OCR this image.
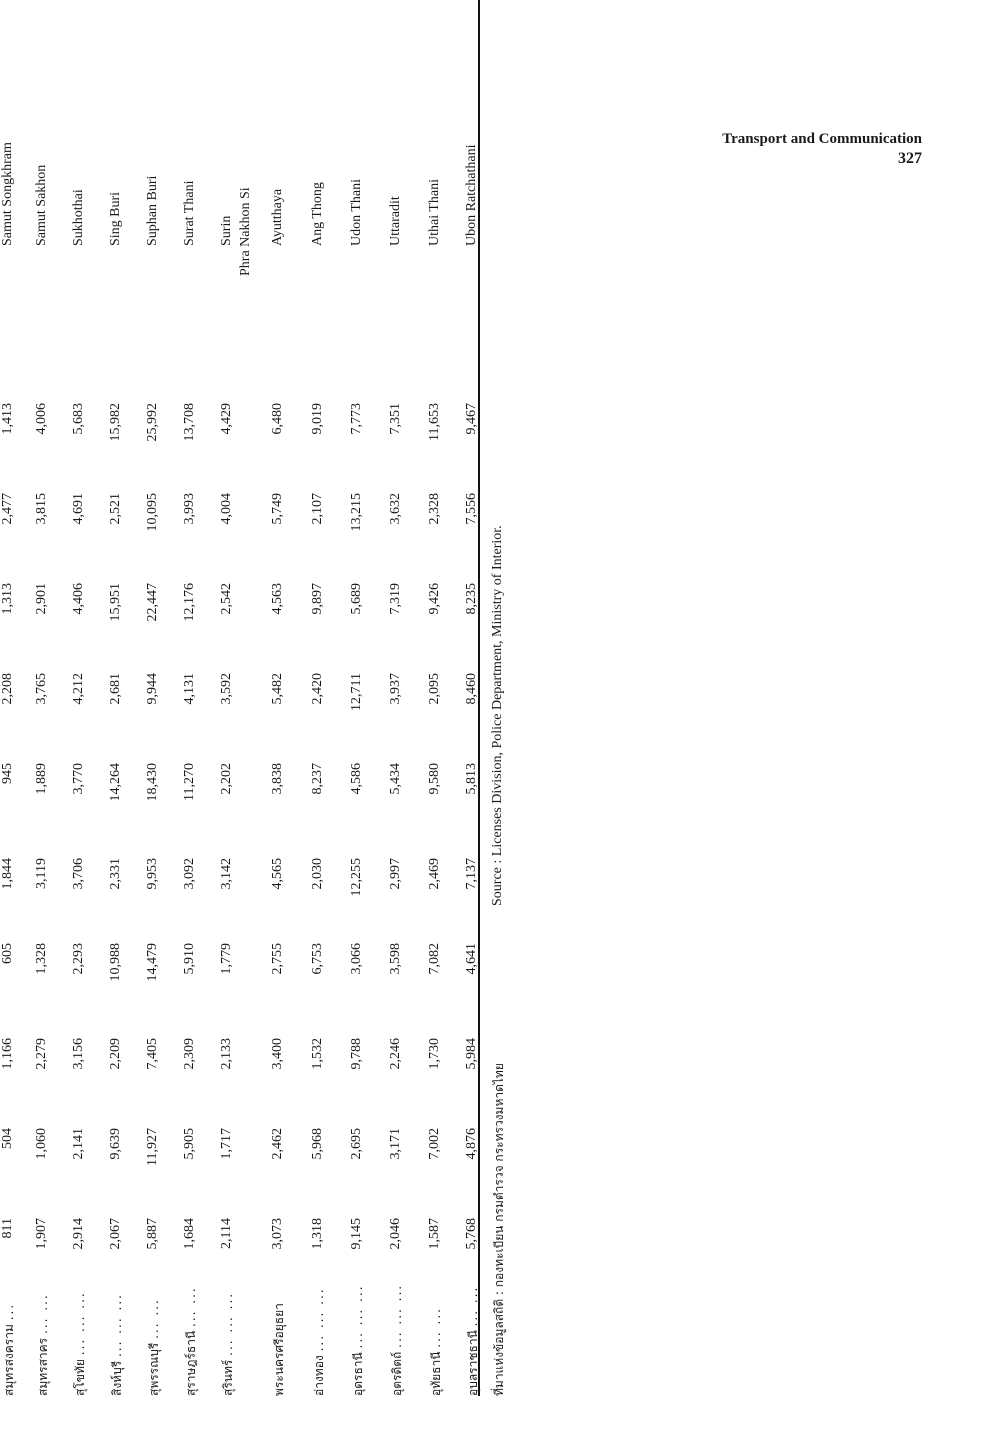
Transport and Communication
327
ที่มาแห่งข้อมูลสถิติ : กองทะเบียน กรมตำรวจ กระทรวงมหาดไทย
Source : Licenses Division, Police Department, Ministry of Interior.
สมุทรสงคราม ...
811
504
1,166
605
1,844
945
2,208
1,313
2,477
1,413
Samut Songkhram
สมุทรสาคร ... ...
1,907
1,060
2,279
1,328
3,119
1,889
3,765
2,901
3,815
4,006
Samut Sakhon
สุโขทัย ... ... ...
2,914
2,141
3,156
2,293
3,706
3,770
4,212
4,406
4,691
5,683
Sukhothai
สิงห์บุรี ... ... ...
2,067
9,639
2,209
10,988
2,331
14,264
2,681
15,951
2,521
15,982
Sing Buri
สุพรรณบุรี ... ...
5,887
11,927
7,405
14,479
9,953
18,430
9,944
22,447
10,095
25,992
Suphan Buri
สุราษฎร์ธานี ... ...
1,684
5,905
2,309
5,910
3,092
11,270
4,131
12,176
3,993
13,708
Surat Thani
สุรินทร์ ... ... ...
2,114
1,717
2,133
1,779
3,142
2,202
3,592
2,542
4,004
4,429
Surin
พระนครศรีอยุธยา
3,073
2,462
3,400
2,755
4,565
3,838
5,482
4,563
5,749
6,480
Phra Nakhon Si Ayutthaya
อ่างทอง ... ... ...
1,318
5,968
1,532
6,753
2,030
8,237
2,420
9,897
2,107
9,019
Ang Thong
อุดรธานี ... ... ...
9,145
2,695
9,788
3,066
12,255
4,586
12,711
5,689
13,215
7,773
Udon Thani
อุตรดิตถ์ ... ... ...
2,046
3,171
2,246
3,598
2,997
5,434
3,937
7,319
3,632
7,351
Uttaradit
อุทัยธานี ... ...
1,587
7,002
1,730
7,082
2,469
9,580
2,095
9,426
2,328
11,653
Uthai Thani
อุบลราชธานี ... ...
5,768
4,876
5,984
4,641
7,137
5,813
8,460
8,235
7,556
9,467
Ubon Ratchathani
